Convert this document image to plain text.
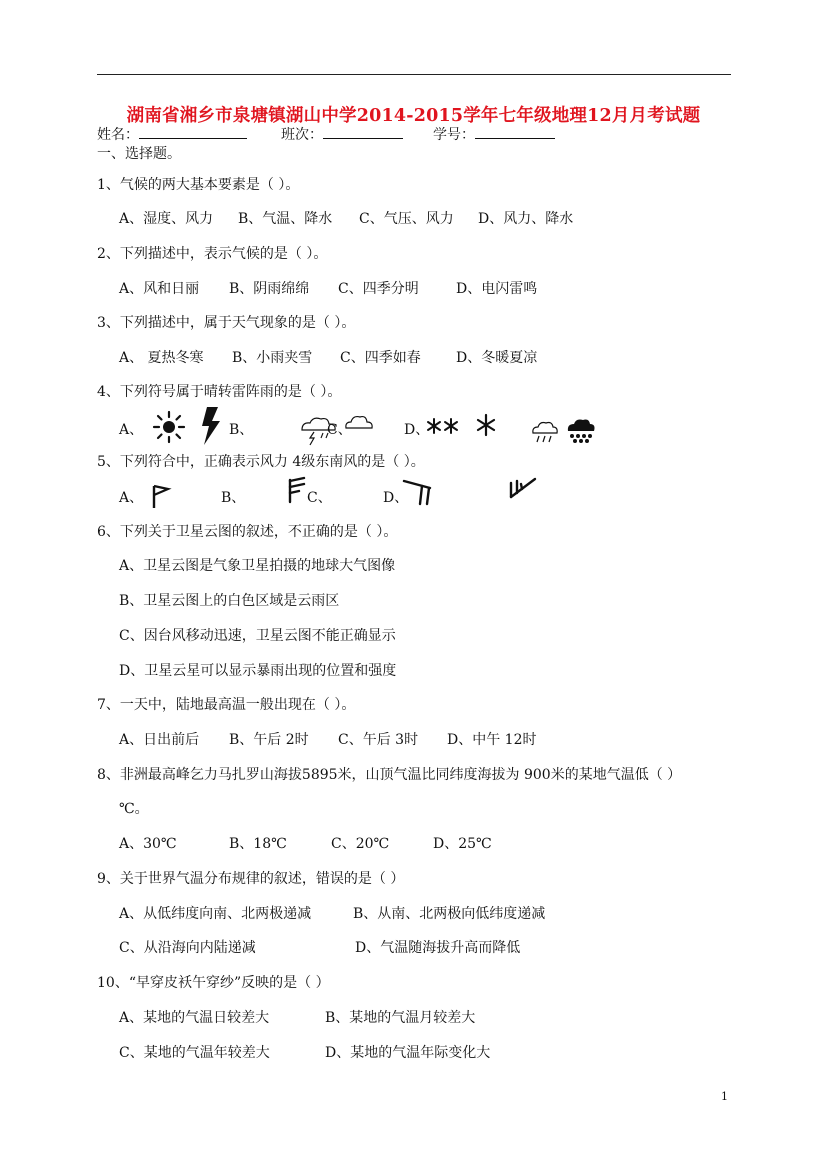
湖南省湘乡市泉塘镇湖山中学2014-2015学年七年级地理12月月考试题
姓名：	班次：	学号：
一、选择题。
1、气候的两大基本要素是（ ）。
A、湿度、风力 B、气温、降水 C、气压、风力 D、风力、降水
2、下列描述中，表示气候的是（ ）。
A、风和日丽 B、阴雨绵绵 C、四季分明	D、电闪雷鸣
3、下列描述中，属于天气现象的是（ ）。
A、 夏热冬寒 B、小雨夹雪 C、四季如春	D、冬暖夏凉
4、下列符号属于晴转雷阵雨的是（ ）。
A、	B、	C、	D、
5、下列符合中，正确表示风力 4级东南风的是（ ）。
A、	B、	C、	D、
6、下列关于卫星云图的叙述，不正确的是（ ）。
A、卫星云图是气象卫星拍摄的地球大气图像
B、卫星云图上的白色区域是云雨区
C、因台风移动迅速，卫星云图不能正确显示
D、卫星云星可以显示暴雨出现的位置和强度
7、一天中，陆地最高温一般出现在（ ）。
A、日出前后 B、午后 2时 C、午后 3时 D、中午 12时
8、非洲最高峰乞力马扎罗山海拔5895米，山顶气温比同纬度海拔为 900米的某地气温低（ ）
℃。
A、30℃	B、18℃	C、20℃	D、25℃
9、关于世界气温分布规律的叙述，错误的是（ ）
A、从低纬度向南、北两极递减	B、从南、北两极向低纬度递减
C、从沿海向内陆递减	D、气温随海拔升高而降低
10、“早穿皮袄午穿纱”反映的是（ ）
A、某地的气温日较差大	B、某地的气温月较差大
C、某地的气温年较差大	D、某地的气温年际变化大
1
